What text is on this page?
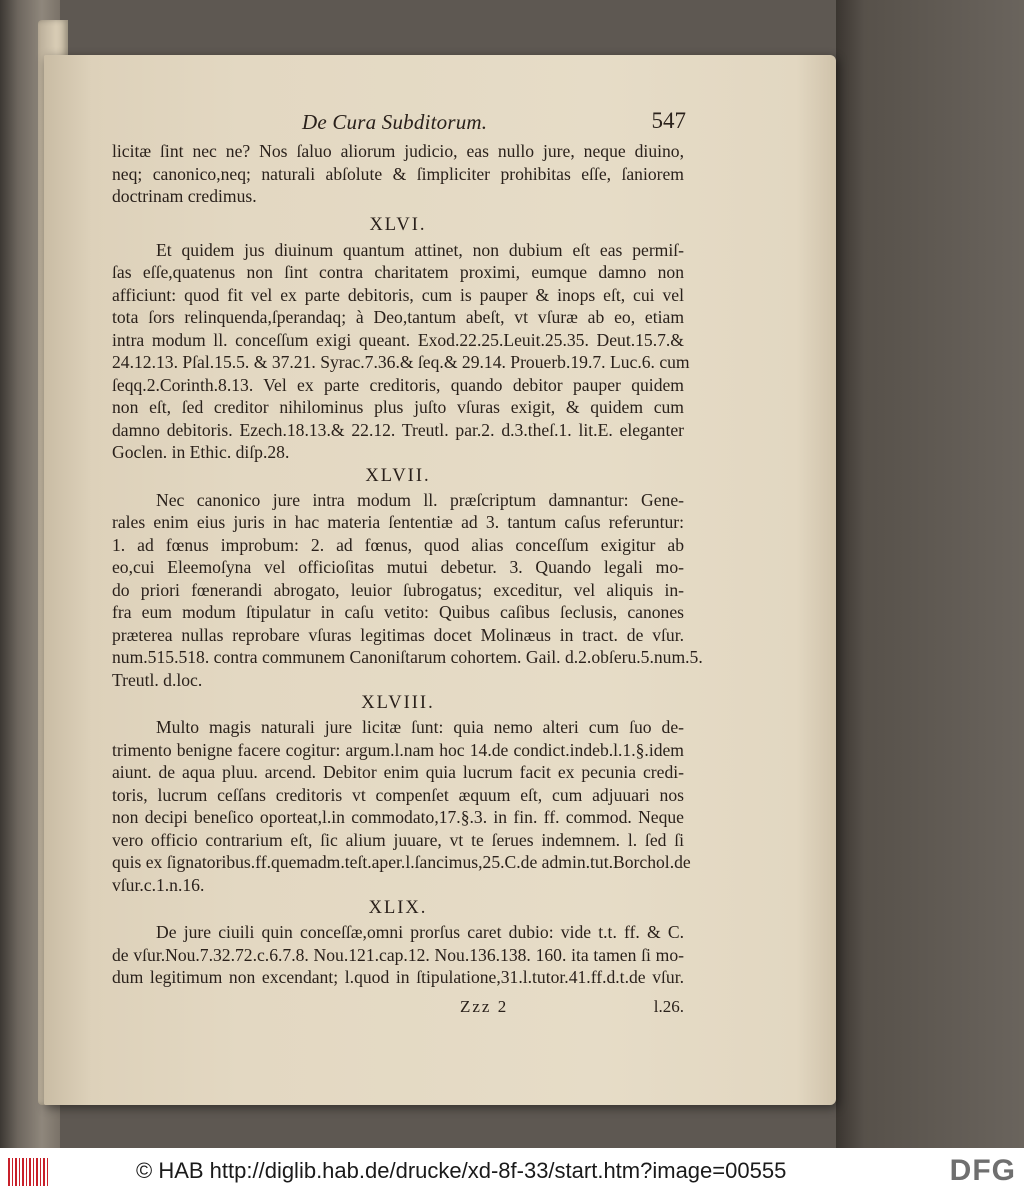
De Cura Subditorum.	547
licitæ ſint nec ne? Nos ſaluo aliorum judicio, eas nullo jure, neque diuino,
neq; canonico,neq; naturali abſolute & ſimpliciter prohibitas eſſe, ſaniorem
doctrinam credimus.
XLVI.
Et quidem jus diuinum quantum attinet, non dubium eſt eas permiſ-
ſas eſſe,quatenus non ſint contra charitatem proximi, eumque damno non
afficiunt: quod fit vel ex parte debitoris, cum is pauper & inops eſt, cui vel
tota ſors relinquenda,ſperandaq; à Deo,tantum abeſt, vt vſuræ ab eo, etiam
intra modum ll. conceſſum exigi queant. Exod.22.25.Leuit.25.35. Deut.15.7.&
24.12.13. Pſal.15.5. & 37.21. Syrac.7.36.& ſeq.& 29.14. Prouerb.19.7. Luc.6. cum
ſeqq.2.Corinth.8.13. Vel ex parte creditoris, quando debitor pauper quidem
non eſt, ſed creditor nihilominus plus juſto vſuras exigit, & quidem cum
damno debitoris. Ezech.18.13.& 22.12. Treutl. par.2. d.3.theſ.1. lit.E. eleganter
Goclen. in Ethic. diſp.28.
XLVII.
Nec canonico jure intra modum ll. præſcriptum damnantur: Gene-
rales enim eius juris in hac materia ſententiæ ad 3. tantum caſus referuntur:
1. ad fœnus improbum: 2. ad fœnus, quod alias conceſſum exigitur ab
eo,cui Eleemoſyna vel officioſitas mutui debetur. 3. Quando legali mo-
do priori fœnerandi abrogato, leuior ſubrogatus; exceditur, vel aliquis in-
fra eum modum ſtipulatur in caſu vetito: Quibus caſibus ſeclusis, canones
præterea nullas reprobare vſuras legitimas docet Molinæus in tract. de vſur.
num.515.518. contra communem Canoniſtarum cohortem. Gail. d.2.obſeru.5.num.5.
Treutl. d.loc.
XLVIII.
Multo magis naturali jure licitæ ſunt: quia nemo alteri cum ſuo de-
trimento benigne facere cogitur: argum.l.nam hoc 14.de condict.indeb.l.1.§.idem
aiunt. de aqua pluu. arcend. Debitor enim quia lucrum facit ex pecunia credi-
toris, lucrum ceſſans creditoris vt compenſet æquum eſt, cum adjuuari nos
non decipi beneſico oporteat,l.in commodato,17.§.3. in fin. ff. commod. Neque
vero officio contrarium eſt, ſic alium juuare, vt te ſerues indemnem. l. ſed ſi
quis ex ſignatoribus.ff.quemadm.teſt.aper.l.ſancimus,25.C.de admin.tut.Borchol.de
vſur.c.1.n.16.
XLIX.
De jure ciuili quin conceſſæ,omni prorſus caret dubio: vide t.t. ff. & C.
de vſur.Nou.7.32.72.c.6.7.8. Nou.121.cap.12. Nou.136.138. 160. ita tamen ſi mo-
dum legitimum non excendant; l.quod in ſtipulatione,31.l.tutor.41.ff.d.t.de vſur.
Zzz 2	l.26.
© HAB http://diglib.hab.de/drucke/xd-8f-33/start.htm?image=00555	DFG
